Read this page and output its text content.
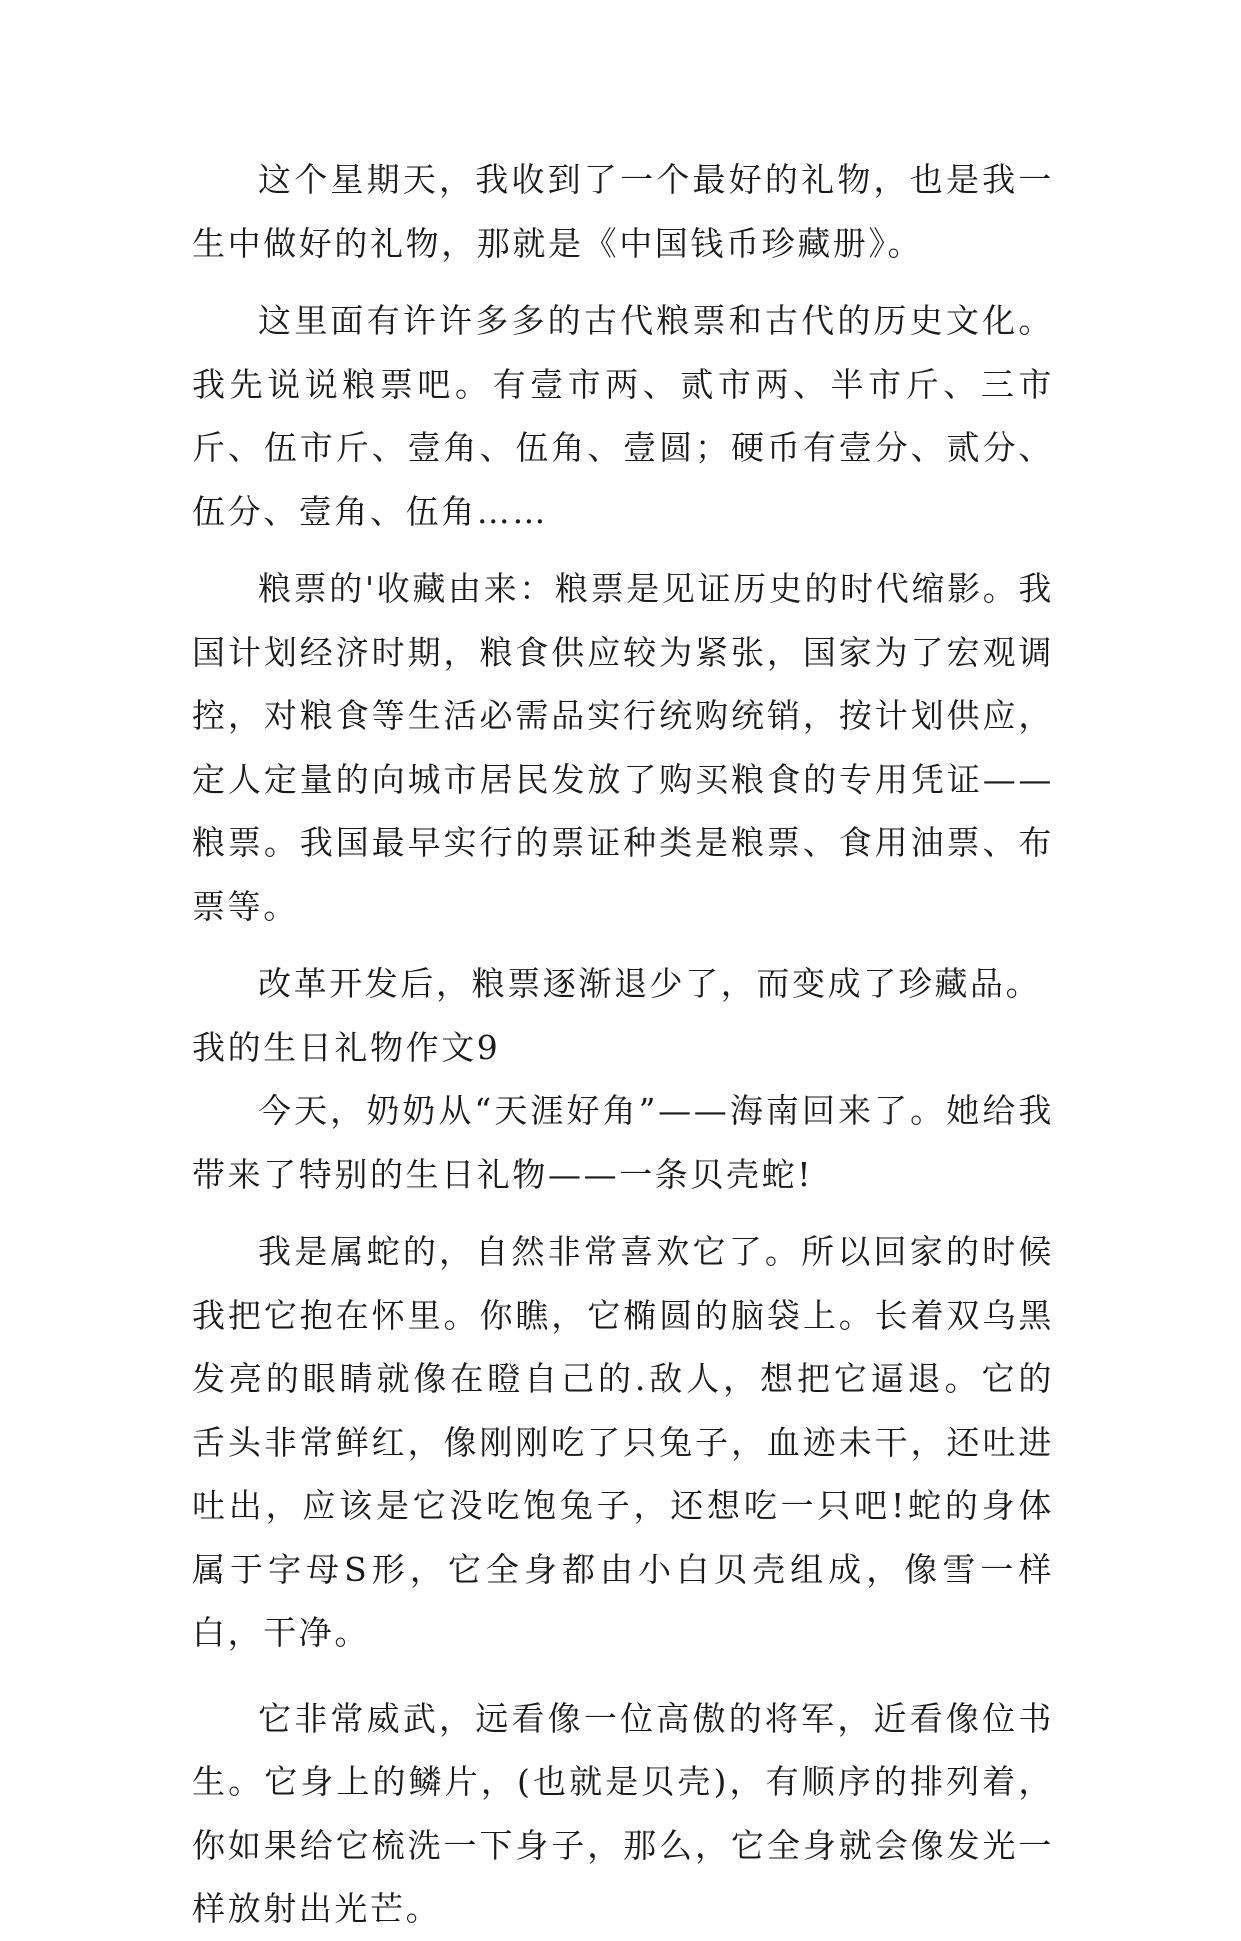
这个星期天，我收到了一个最好的礼物，也是我一生中做好的礼物，那就是《中国钱币珍藏册》。

这里面有许许多多的古代粮票和古代的历史文化。我先说说粮票吧。有壹市两、贰市两、半市斤、三市斤、伍市斤、壹角、伍角、壹圆；硬币有壹分、贰分、伍分、壹角、伍角……

粮票的'收藏由来：粮票是见证历史的时代缩影。我国计划经济时期，粮食供应较为紧张，国家为了宏观调控，对粮食等生活必需品实行统购统销，按计划供应，定人定量的向城市居民发放了购买粮食的专用凭证——粮票。我国最早实行的票证种类是粮票、食用油票、布票等。

改革开发后，粮票逐渐退少了，而变成了珍藏品。

我的生日礼物作文9

今天，奶奶从“天涯好角”——海南回来了。她给我带来了特别的生日礼物——一条贝壳蛇!

我是属蛇的，自然非常喜欢它了。所以回家的时候我把它抱在怀里。你瞧，它椭圆的脑袋上。长着双乌黑发亮的眼睛就像在瞪自己的.敌人，想把它逼退。它的舌头非常鲜红，像刚刚吃了只兔子，血迹未干，还吐进吐出，应该是它没吃饱兔子，还想吃一只吧!蛇的身体属于字母S形，它全身都由小白贝壳组成，像雪一样白，干净。

它非常威武，远看像一位高傲的将军，近看像位书生。它身上的鳞片，(也就是贝壳)，有顺序的排列着，你如果给它梳洗一下身子，那么，它全身就会像发光一样放射出光芒。
